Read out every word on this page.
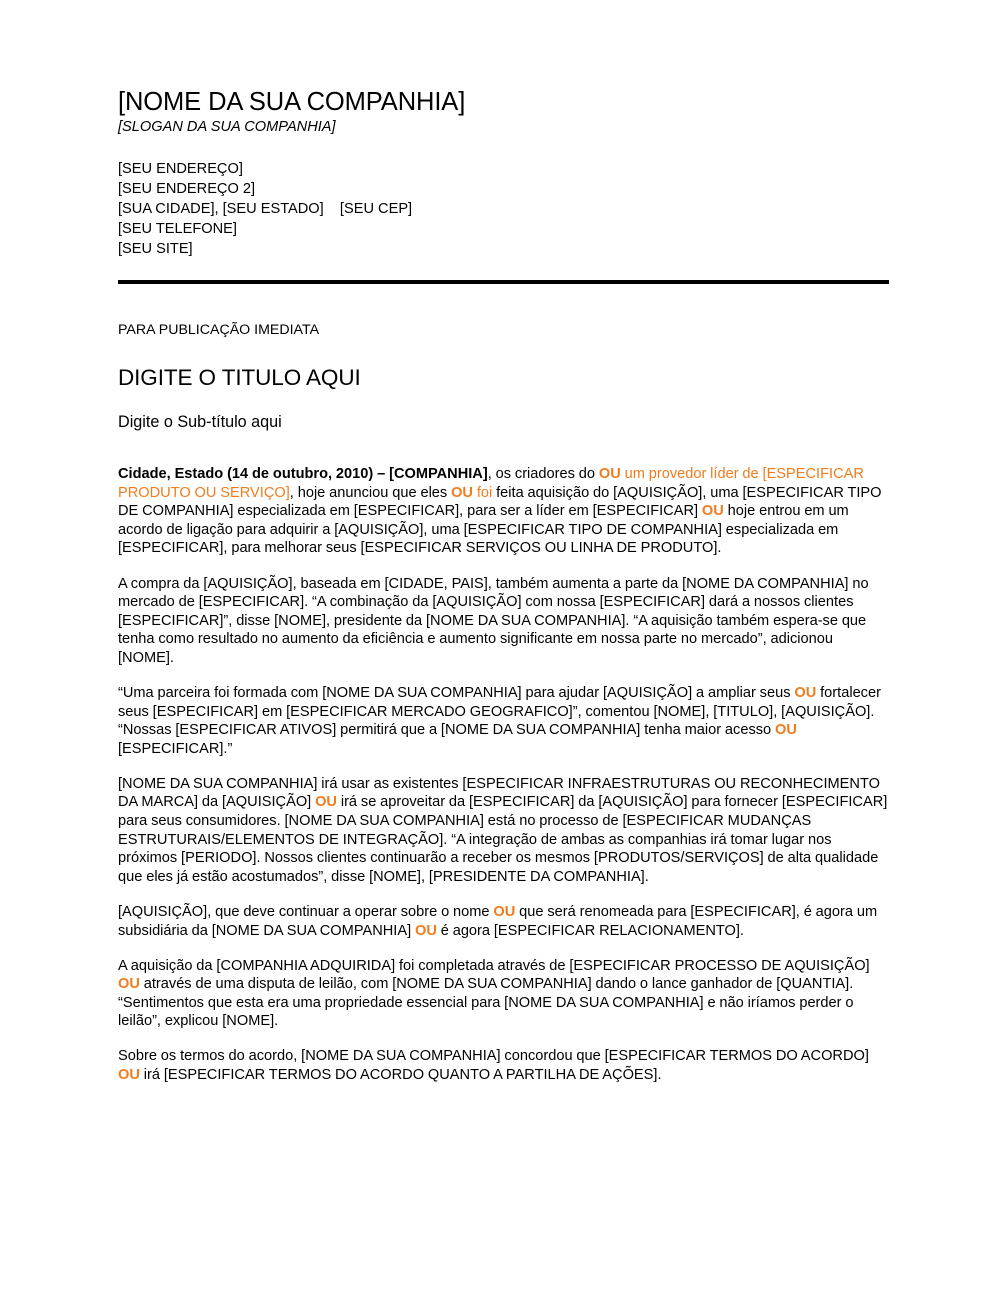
[NOME DA SUA COMPANHIA]
[SLOGAN DA SUA COMPANHIA]
[SEU ENDEREÇO]
[SEU ENDEREÇO 2]
[SUA CIDADE], [SEU ESTADO]    [SEU CEP]
[SEU TELEFONE]
[SEU SITE]
PARA PUBLICAÇÃO IMEDIATA
DIGITE O TITULO AQUI
Digite o Sub-título aqui

Cidade, Estado (14 de outubro, 2010) – [COMPANHIA], os criadores do OU um provedor líder de [ESPECIFICAR PRODUTO OU SERVIÇO], hoje anunciou que eles OU foi feita aquisição do [AQUISIÇÃO], uma [ESPECIFICAR TIPO DE COMPANHIA] especializada em [ESPECIFICAR], para ser a líder em [ESPECIFICAR] OU hoje entrou em um acordo de ligação para adquirir a [AQUISIÇÃO], uma [ESPECIFICAR TIPO DE COMPANHIA] especializada em [ESPECIFICAR], para melhorar seus [ESPECIFICAR SERVIÇOS OU LINHA DE PRODUTO].

A compra da [AQUISIÇÃO], baseada em [CIDADE, PAIS], também aumenta a parte da [NOME DA COMPANHIA] no mercado de [ESPECIFICAR]. “A combinação da [AQUISIÇÃO] com nossa [ESPECIFICAR] dará a nossos clientes [ESPECIFICAR]”, disse [NOME], presidente da [NOME DA SUA COMPANHIA]. “A aquisição também espera-se que tenha como resultado no aumento da eficiência e aumento significante em nossa parte no mercado”, adicionou [NOME].

“Uma parceira foi formada com [NOME DA SUA COMPANHIA] para ajudar [AQUISIÇÃO] a ampliar seus OU fortalecer seus [ESPECIFICAR] em [ESPECIFICAR MERCADO GEOGRAFICO]”, comentou [NOME], [TITULO], [AQUISIÇÃO]. “Nossas [ESPECIFICAR ATIVOS] permitirá que a [NOME DA SUA COMPANHIA] tenha maior acesso OU [ESPECIFICAR].”

[NOME DA SUA COMPANHIA] irá usar as existentes [ESPECIFICAR INFRAESTRUTURAS OU RECONHECIMENTO DA MARCA] da [AQUISIÇÃO] OU irá se aproveitar da [ESPECIFICAR] da [AQUISIÇÃO] para fornecer [ESPECIFICAR] para seus consumidores. [NOME DA SUA COMPANHIA] está no processo de [ESPECIFICAR MUDANÇAS ESTRUTURAIS/ELEMENTOS DE INTEGRAÇÃO]. “A integração de ambas as companhias irá tomar lugar nos próximos [PERIODO]. Nossos clientes continuarão a receber os mesmos [PRODUTOS/SERVIÇOS] de alta qualidade que eles já estão acostumados”, disse [NOME], [PRESIDENTE DA COMPANHIA].

[AQUISIÇÃO], que deve continuar a operar sobre o nome OU que será renomeada para [ESPECIFICAR], é agora um subsidiária da [NOME DA SUA COMPANHIA] OU é agora [ESPECIFICAR RELACIONAMENTO].

A aquisição da [COMPANHIA ADQUIRIDA] foi completada através de [ESPECIFICAR PROCESSO DE AQUISIÇÃO] OU através de uma disputa de leilão, com [NOME DA SUA COMPANHIA] dando o lance ganhador de [QUANTIA]. “Sentimentos que esta era uma propriedade essencial para [NOME DA SUA COMPANHIA] e não iríamos perder o leilão”, explicou [NOME].

Sobre os termos do acordo, [NOME DA SUA COMPANHIA] concordou que [ESPECIFICAR TERMOS DO ACORDO] OU irá [ESPECIFICAR TERMOS DO ACORDO QUANTO A PARTILHA DE AÇÕES].
